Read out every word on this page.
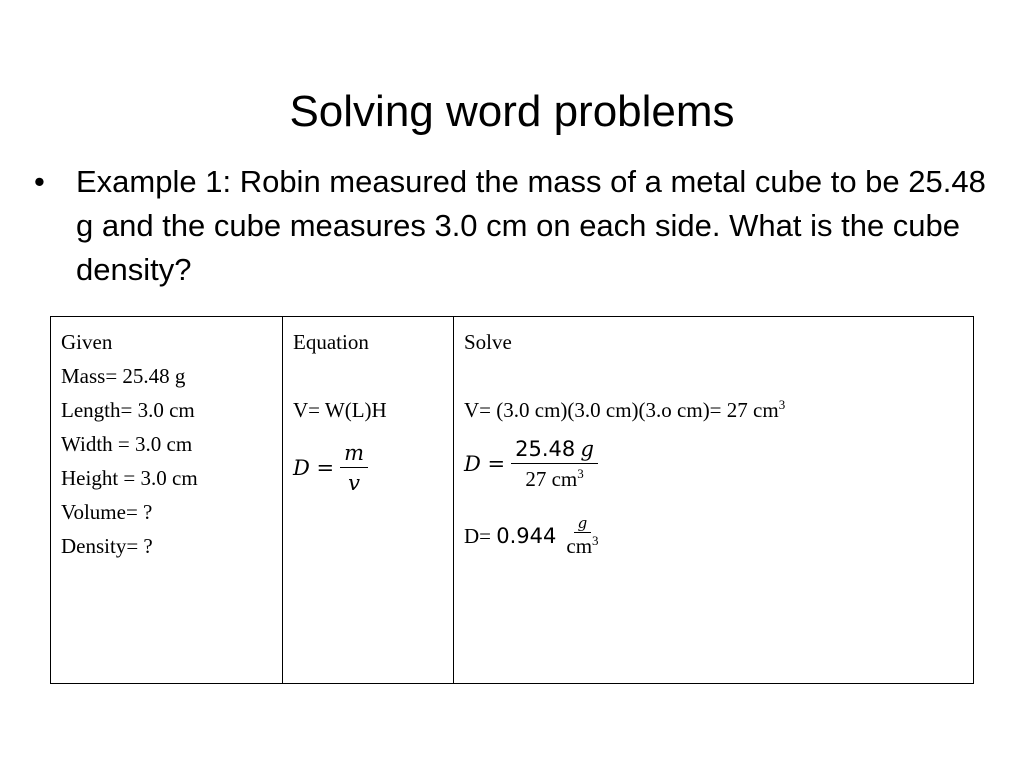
Solving word problems
•	Example 1: Robin measured the mass of a metal cube to be 25.48 g and the cube measures 3.0 cm on each side. What is the cube density?
Given
Mass= 25.48 g
Length= 3.0 cm
Width = 3.0 cm
Height = 3.0 cm
Volume= ?
Density= ?
Equation
V= W(L)H
$D = \frac{m}{v}$
Solve
V= (3.0 cm)(3.0 cm)(3.o cm)= 27 $cm^3$
$D = \frac{25.48 g}{27 cm^3}$
$D= 0.944 \frac{g}{cm^3}$
